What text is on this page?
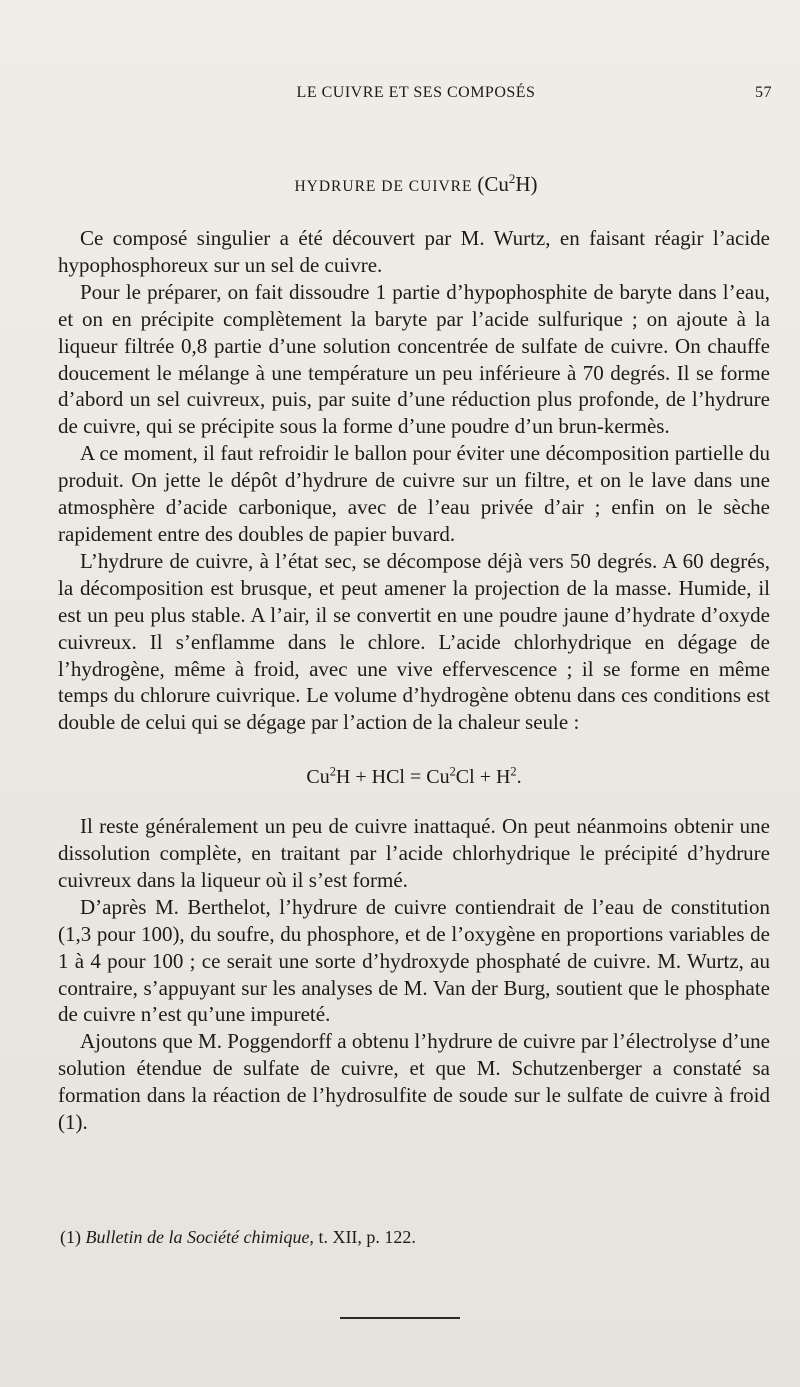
LE CUIVRE ET SES COMPOSÉS	57
HYDRURE DE CUIVRE (Cu$^2$H)

Ce composé singulier a été découvert par M. Wurtz, en faisant réagir l’acide hypophosphoreux sur un sel de cuivre.

Pour le préparer, on fait dissoudre 1 partie d’hypophosphite de baryte dans l’eau, et on en précipite complètement la baryte par l’acide sulfurique ; on ajoute à la liqueur filtrée 0,8 partie d’une solution concentrée de sulfate de cuivre. On chauffe doucement le mélange à une température un peu inférieure à 70 degrés. Il se forme d’abord un sel cuivreux, puis, par suite d’une réduction plus profonde, de l’hydrure de cuivre, qui se précipite sous la forme d’une poudre d’un brun-kermès.

A ce moment, il faut refroidir le ballon pour éviter une décomposition partielle du produit. On jette le dépôt d’hydrure de cuivre sur un filtre, et on le lave dans une atmosphère d’acide carbonique, avec de l’eau privée d’air ; enfin on le sèche rapidement entre des doubles de papier buvard.

L’hydrure de cuivre, à l’état sec, se décompose déjà vers 50 degrés. A 60 degrés, la décomposition est brusque, et peut amener la projection de la masse. Humide, il est un peu plus stable. A l’air, il se convertit en une poudre jaune d’hydrate d’oxyde cuivreux. Il s’enflamme dans le chlore. L’acide chlorhydrique en dégage de l’hydrogène, même à froid, avec une vive effervescence ; il se forme en même temps du chlorure cuivrique. Le volume d’hydrogène obtenu dans ces conditions est double de celui qui se dégage par l’action de la chaleur seule :

$Cu^2H$ + HCl = $Cu^2Cl + H^2$.

Il reste généralement un peu de cuivre inattaqué. On peut néanmoins obtenir une dissolution complète, en traitant par l’acide chlorhydrique le précipité d’hydrure cuivreux dans la liqueur où il s’est formé.

D’après M. Berthelot, l’hydrure de cuivre contiendrait de l’eau de constitution (1,3 pour 100), du soufre, du phosphore, et de l’oxygène en proportions variables de 1 à 4 pour 100 ; ce serait une sorte d’hydroxyde phosphaté de cuivre. M. Wurtz, au contraire, s’appuyant sur les analyses de M. Van der Burg, soutient que le phosphate de cuivre n’est qu’une impureté.

Ajoutons que M. Poggendorff a obtenu l’hydrure de cuivre par l’électrolyse d’une solution étendue de sulfate de cuivre, et que M. Schutzenberger a constaté sa formation dans la réaction de l’hydrosulfite de soude sur le sulfate de cuivre à froid (1).

(1) Bulletin de la Société chimique, t. XII, p. 122.
